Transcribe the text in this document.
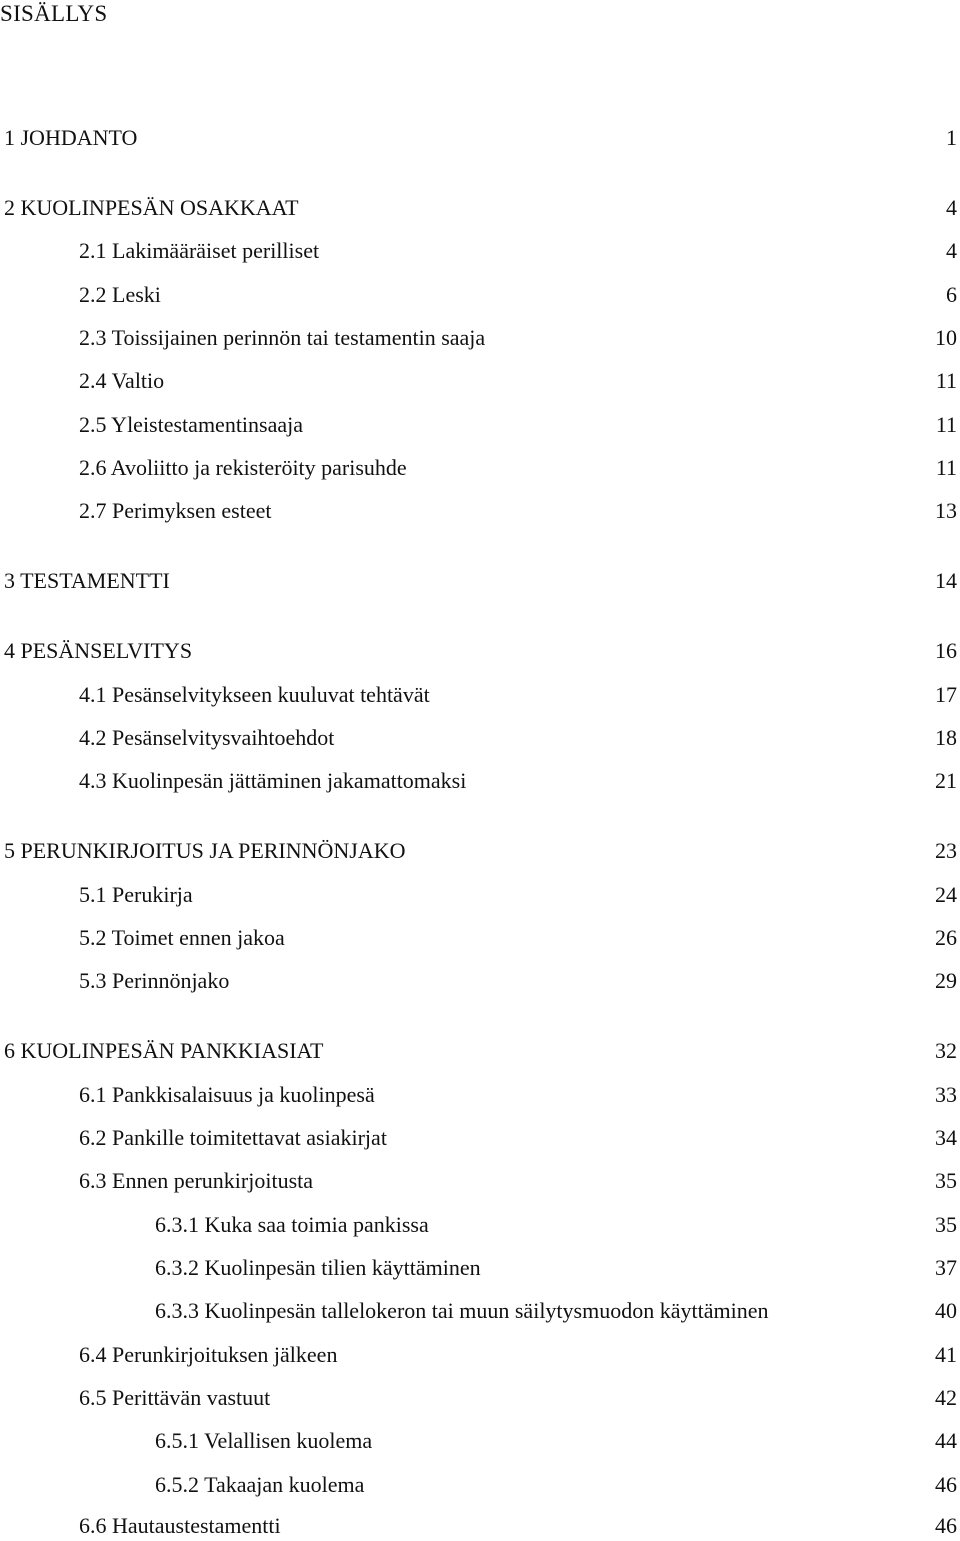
SISÄLLYS
1 JOHDANTO	1
2 KUOLINPESÄN OSAKKAAT	4
2.1 Lakimääräiset perilliset	4
2.2 Leski	6
2.3 Toissijainen perinnön tai testamentin saaja	10
2.4 Valtio	11
2.5 Yleistestamentinsaaja	11
2.6 Avoliitto ja rekisteröity parisuhde	11
2.7 Perimyksen esteet	13
3 TESTAMENTTI	14
4 PESÄNSELVITYS	16
4.1 Pesänselvitykseen kuuluvat tehtävät	17
4.2 Pesänselvitysvaihtoehdot	18
4.3 Kuolinpesän jättäminen jakamattomaksi	21
5 PERUNKIRJOITUS JA PERINNÖNJAKO	23
5.1 Perukirja	24
5.2 Toimet ennen jakoa	26
5.3 Perinnönjako	29
6 KUOLINPESÄN PANKKIASIAT	32
6.1 Pankkisalaisuus ja kuolinpesä	33
6.2 Pankille toimitettavat asiakirjat	34
6.3 Ennen perunkirjoitusta	35
6.3.1 Kuka saa toimia pankissa	35
6.3.2 Kuolinpesän tilien käyttäminen	37
6.3.3 Kuolinpesän tallelokeron tai muun säilytysmuodon käyttäminen	40
6.4 Perunkirjoituksen jälkeen	41
6.5 Perittävän vastuut	42
6.5.1 Velallisen kuolema	44
6.5.2 Takaajan kuolema	46
6.6 Hautaustestamentti	46
